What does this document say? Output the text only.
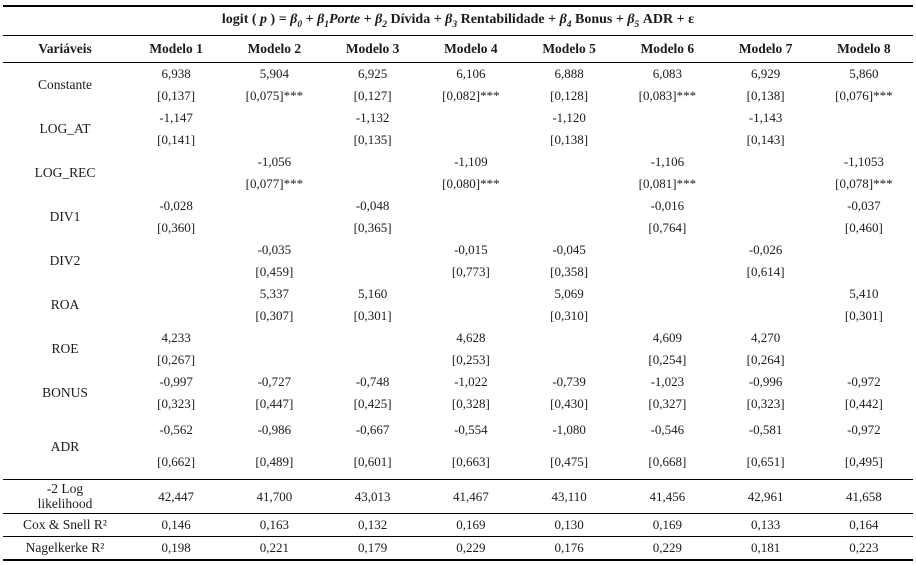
logit ( p ) = $\beta_0$ + $\beta_1Porte + \beta_2$ Dívida + $\beta_3$ Rentabilidade + $\beta_4$ Bonus + $\beta_5$ ADR + ε								
Variáveis	Modelo 1	Modelo 2	Modelo 3	Modelo 4	Modelo 5	Modelo 6	Modelo 7	Modelo 8
Constante	6,938	5,904	6,925	6,106	6,888	6,083	6,929	5,860
	[0,137]	[0,075]***	[0,127]	[0,082]***	[0,128]	[0,083]***	[0,138]	[0,076]***
LOG_AT	-1,147		-1,132		-1,120		-1,143	
	[0,141]		[0,135]		[0,138]		[0,143]	
LOG_REC		-1,056		-1,109		-1,106		-1,1053
		[0,077]***		[0,080]***		[0,081]***		[0,078]***
DIV1	-0,028		-0,048			-0,016		-0,037
	[0,360]		[0,365]			[0,764]		[0,460]
DIV2		-0,035		-0,015	-0,045		-0,026	
		[0,459]		[0,773]	[0,358]		[0,614]	
ROA		5,337	5,160		5,069			5,410
		[0,307]	[0,301]		[0,310]			[0,301]
ROE	4,233			4,628		4,609	4,270	
	[0,267]			[0,253]		[0,254]	[0,264]	
BONUS	-0,997	-0,727	-0,748	-1,022	-0,739	-1,023	-0,996	-0,972
	[0,323]	[0,447]	[0,425]	[0,328]	[0,430]	[0,327]	[0,323]	[0,442]
ADR	-0,562	-0,986	-0,667	-0,554	-1,080	-0,546	-0,581	-0,972
	[0,662]	[0,489]	[0,601]	[0,663]	[0,475]	[0,668]	[0,651]	[0,495]
-2 Log likelihood	42,447	41,700	43,013	41,467	43,110	41,456	42,961	41,658
Cox & Snell R²	0,146	0,163	0,132	0,169	0,130	0,169	0,133	0,164
Nagelkerke R²	0,198	0,221	0,179	0,229	0,176	0,229	0,181	0,223
